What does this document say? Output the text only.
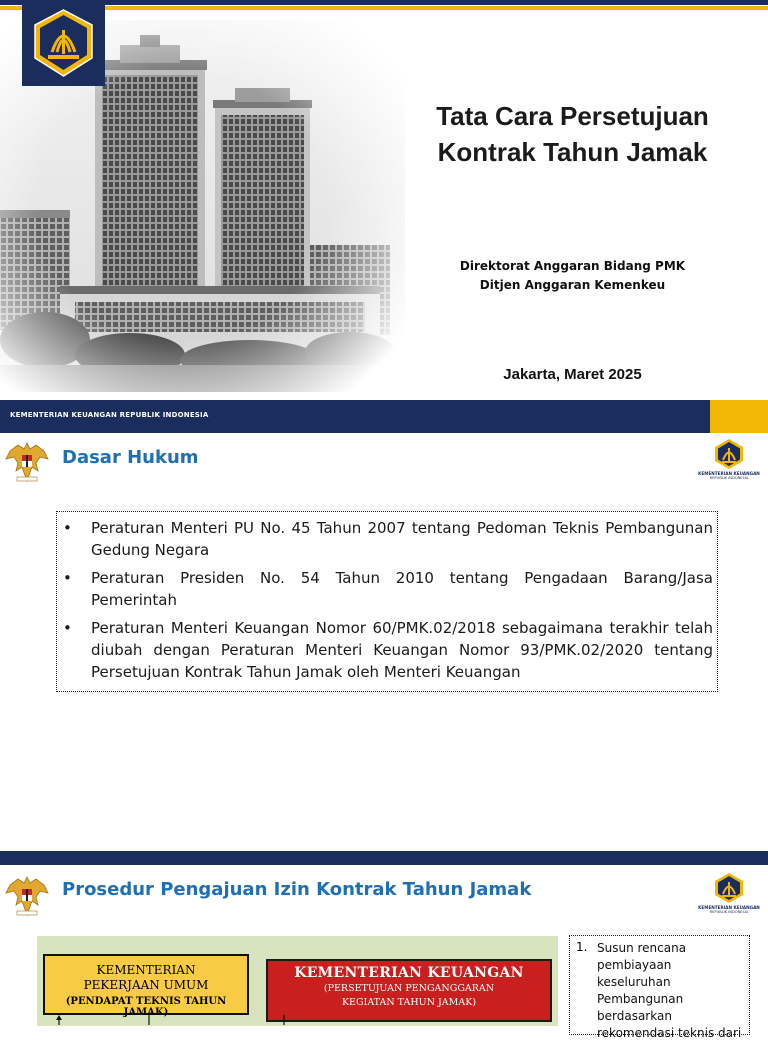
Tata Cara Persetujuan
Kontrak Tahun Jamak
Direktorat Anggaran Bidang PMK
Ditjen Anggaran Kemenkeu
Jakarta, Maret 2025
KEMENTERIAN KEUANGAN REPUBLIK INDONESIA
Dasar Hukum
KEMENTERIAN KEUANGAN
REPUBLIK INDONESIA
• Peraturan Menteri PU No. 45 Tahun 2007 tentang Pedoman Teknis Pembangunan Gedung Negara
• Peraturan Presiden No. 54 Tahun 2010 tentang Pengadaan Barang/Jasa Pemerintah
• Peraturan Menteri Keuangan Nomor 60/PMK.02/2018 sebagaimana terakhir telah diubah dengan Peraturan Menteri Keuangan Nomor 93/PMK.02/2020 tentang Persetujuan Kontrak Tahun Jamak oleh Menteri Keuangan
Prosedur Pengajuan Izin Kontrak Tahun Jamak
KEMENTERIAN KEUANGAN
REPUBLIK INDONESIA
KEMENTERIAN
PEKERJAAN UMUM
(PENDAPAT TEKNIS TAHUN JAMAK)
KEMENTERIAN KEUANGAN
(PERSETUJUAN PENGANGGARAN
KEGIATAN TAHUN JAMAK)
1. Susun rencana pembiayaan keseluruhan Pembangunan berdasarkan rekomendasi teknis dari
